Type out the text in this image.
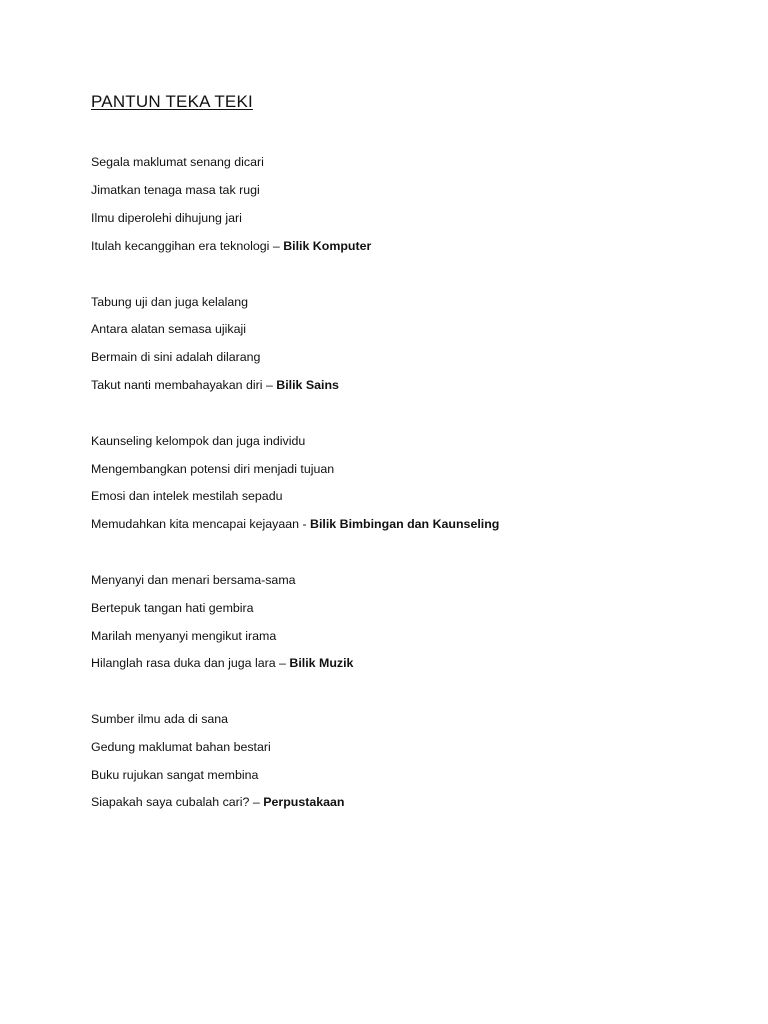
PANTUN TEKA TEKI

Segala maklumat senang dicari

Jimatkan tenaga masa tak rugi

Ilmu diperolehi dihujung jari

Itulah kecanggihan era teknologi – Bilik Komputer

Tabung uji dan juga kelalang

Antara alatan semasa ujikaji

Bermain di sini adalah dilarang

Takut nanti membahayakan diri – Bilik Sains

Kaunseling kelompok dan juga individu

Mengembangkan potensi diri menjadi tujuan

Emosi dan intelek mestilah sepadu

Memudahkan kita mencapai kejayaan - Bilik Bimbingan dan Kaunseling

Menyanyi dan menari bersama-sama

Bertepuk tangan hati gembira

Marilah menyanyi mengikut irama

Hilanglah rasa duka dan juga lara – Bilik Muzik

Sumber ilmu ada di sana

Gedung maklumat bahan bestari

Buku rujukan sangat membina

Siapakah saya cubalah cari? – Perpustakaan
